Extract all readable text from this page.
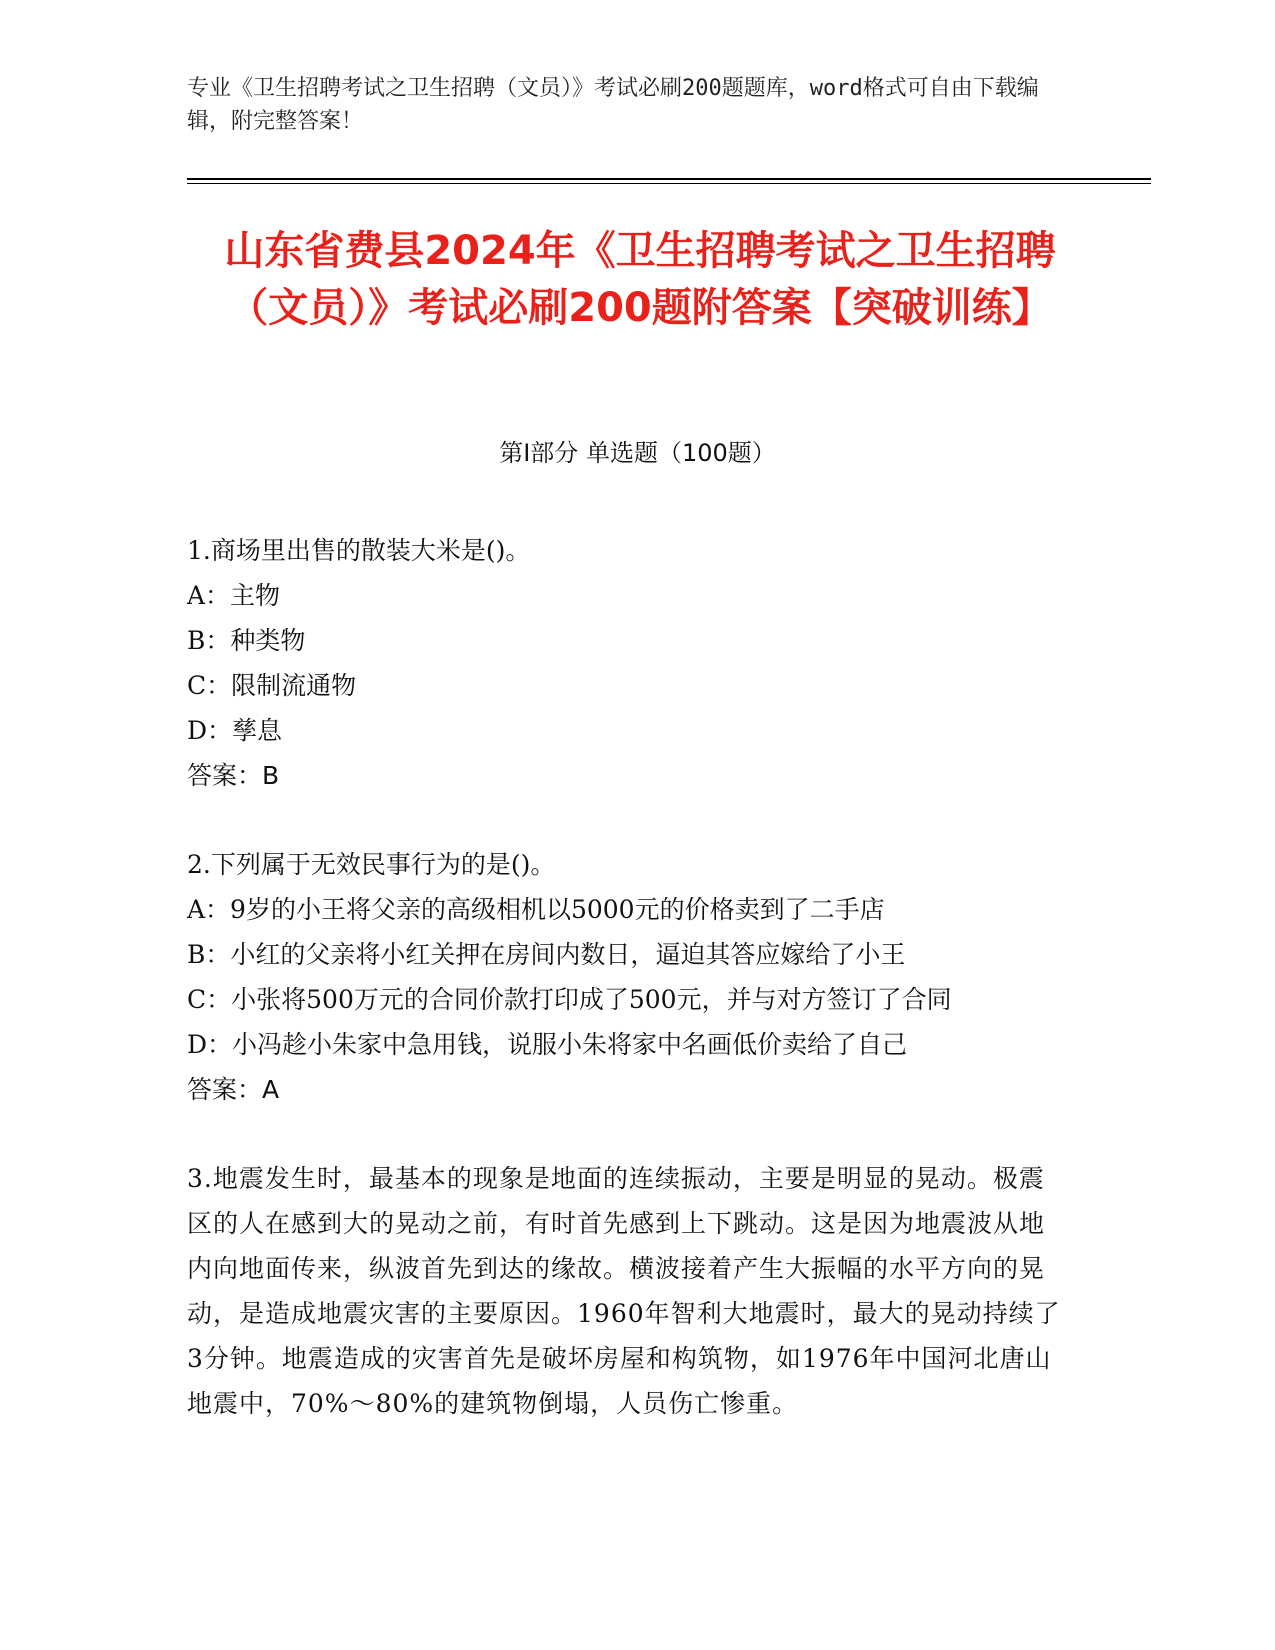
专业《卫生招聘考试之卫生招聘（文员）》考试必刷200题题库，word格式可自由下载编辑，附完整答案！
山东省费县2024年《卫生招聘考试之卫生招聘（文员）》考试必刷200题附答案【突破训练】
第I部分 单选题（100题）

1.商场里出售的散装大米是()。

A：主物

B：种类物

C：限制流通物

D：孳息

答案：B

2.下列属于无效民事行为的是()。

A：9岁的小王将父亲的高级相机以5000元的价格卖到了二手店

B：小红的父亲将小红关押在房间内数日，逼迫其答应嫁给了小王

C：小张将500万元的合同价款打印成了500元，并与对方签订了合同

D：小冯趁小朱家中急用钱，说服小朱将家中名画低价卖给了自己

答案：A

3.地震发生时，最基本的现象是地面的连续振动，主要是明显的晃动。极震区的人在感到大的晃动之前，有时首先感到上下跳动。这是因为地震波从地内向地面传来，纵波首先到达的缘故。横波接着产生大振幅的水平方向的晃动，是造成地震灾害的主要原因。1960年智利大地震时，最大的晃动持续了3分钟。地震造成的灾害首先是破坏房屋和构筑物，如1976年中国河北唐山地震中，70%～80%的建筑物倒塌，人员伤亡惨重。
